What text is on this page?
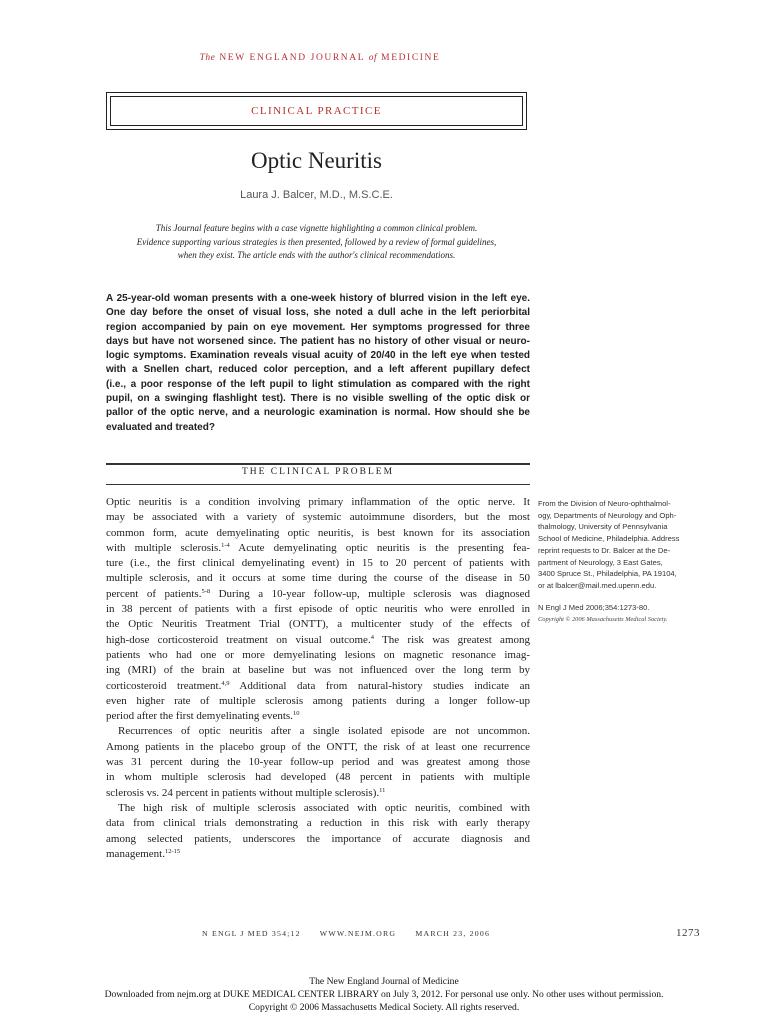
The NEW ENGLAND JOURNAL of MEDICINE
CLINICAL PRACTICE
Optic Neuritis
Laura J. Balcer, M.D., M.S.C.E.
This Journal feature begins with a case vignette highlighting a common clinical problem.
Evidence supporting various strategies is then presented, followed by a review of formal guidelines,
when they exist. The article ends with the author's clinical recommendations.
A 25-year-old woman presents with a one-week history of blurred vision in the left eye.
One day before the onset of visual loss, she noted a dull ache in the left periorbital
region accompanied by pain on eye movement. Her symptoms progressed for three
days but have not worsened since. The patient has no history of other visual or neuro-
logic symptoms. Examination reveals visual acuity of 20/40 in the left eye when tested
with a Snellen chart, reduced color perception, and a left afferent pupillary defect
(i.e., a poor response of the left pupil to light stimulation as compared with the right
pupil, on a swinging flashlight test). There is no visible swelling of the optic disk or
pallor of the optic nerve, and a neurologic examination is normal. How should she be
evaluated and treated?
THE CLINICAL PROBLEM
Optic neuritis is a condition involving primary inflammation of the optic nerve. It
may be associated with a variety of systemic autoimmune disorders, but the most
common form, acute demyelinating optic neuritis, is best known for its association
with multiple sclerosis.$^{1-4}$ Acute demyelinating optic neuritis is the presenting fea-
ture (i.e., the first clinical demyelinating event) in 15 to 20 percent of patients with
multiple sclerosis, and it occurs at some time during the course of the disease in 50
percent of patients.$^{5-8}$ During a 10-year follow-up, multiple sclerosis was diagnosed
in 38 percent of patients with a first episode of optic neuritis who were enrolled in
the Optic Neuritis Treatment Trial (ONTT), a multicenter study of the effects of
high-dose corticosteroid treatment on visual outcome.$^4$ The risk was greatest among
patients who had one or more demyelinating lesions on magnetic resonance imag-
ing (MRI) of the brain at baseline but was not influenced over the long term by
corticosteroid treatment.$^{4,9}$ Additional data from natural-history studies indicate an
even higher rate of multiple sclerosis among patients during a longer follow-up
period after the first demyelinating events.$^{10}$
Recurrences of optic neuritis after a single isolated episode are not uncommon.
Among patients in the placebo group of the ONTT, the risk of at least one recurrence
was 31 percent during the 10-year follow-up period and was greatest among those
in whom multiple sclerosis had developed (48 percent in patients with multiple
sclerosis vs. 24 percent in patients without multiple sclerosis).$^{11}$
The high risk of multiple sclerosis associated with optic neuritis, combined with
data from clinical trials demonstrating a reduction in this risk with early therapy
among selected patients, underscores the importance of accurate diagnosis and
management.$^{12-15}$
From the Division of Neuro-ophthalmol-
ogy, Departments of Neurology and Oph-
thalmology, University of Pennsylvania
School of Medicine, Philadelphia. Address
reprint requests to Dr. Balcer at the De-
partment of Neurology, 3 East Gates,
3400 Spruce St., Philadelphia, PA 19104,
or at lbalcer@mail.med.upenn.edu.
N Engl J Med 2006;354:1273-80.
Copyright © 2006 Massachusetts Medical Society.
N ENGL J MED 354;12 WWW.NEJM.ORG MARCH 23, 2006	1273
The New England Journal of Medicine
Downloaded from nejm.org at DUKE MEDICAL CENTER LIBRARY on July 3, 2012. For personal use only. No other uses without permission.
Copyright © 2006 Massachusetts Medical Society. All rights reserved.
